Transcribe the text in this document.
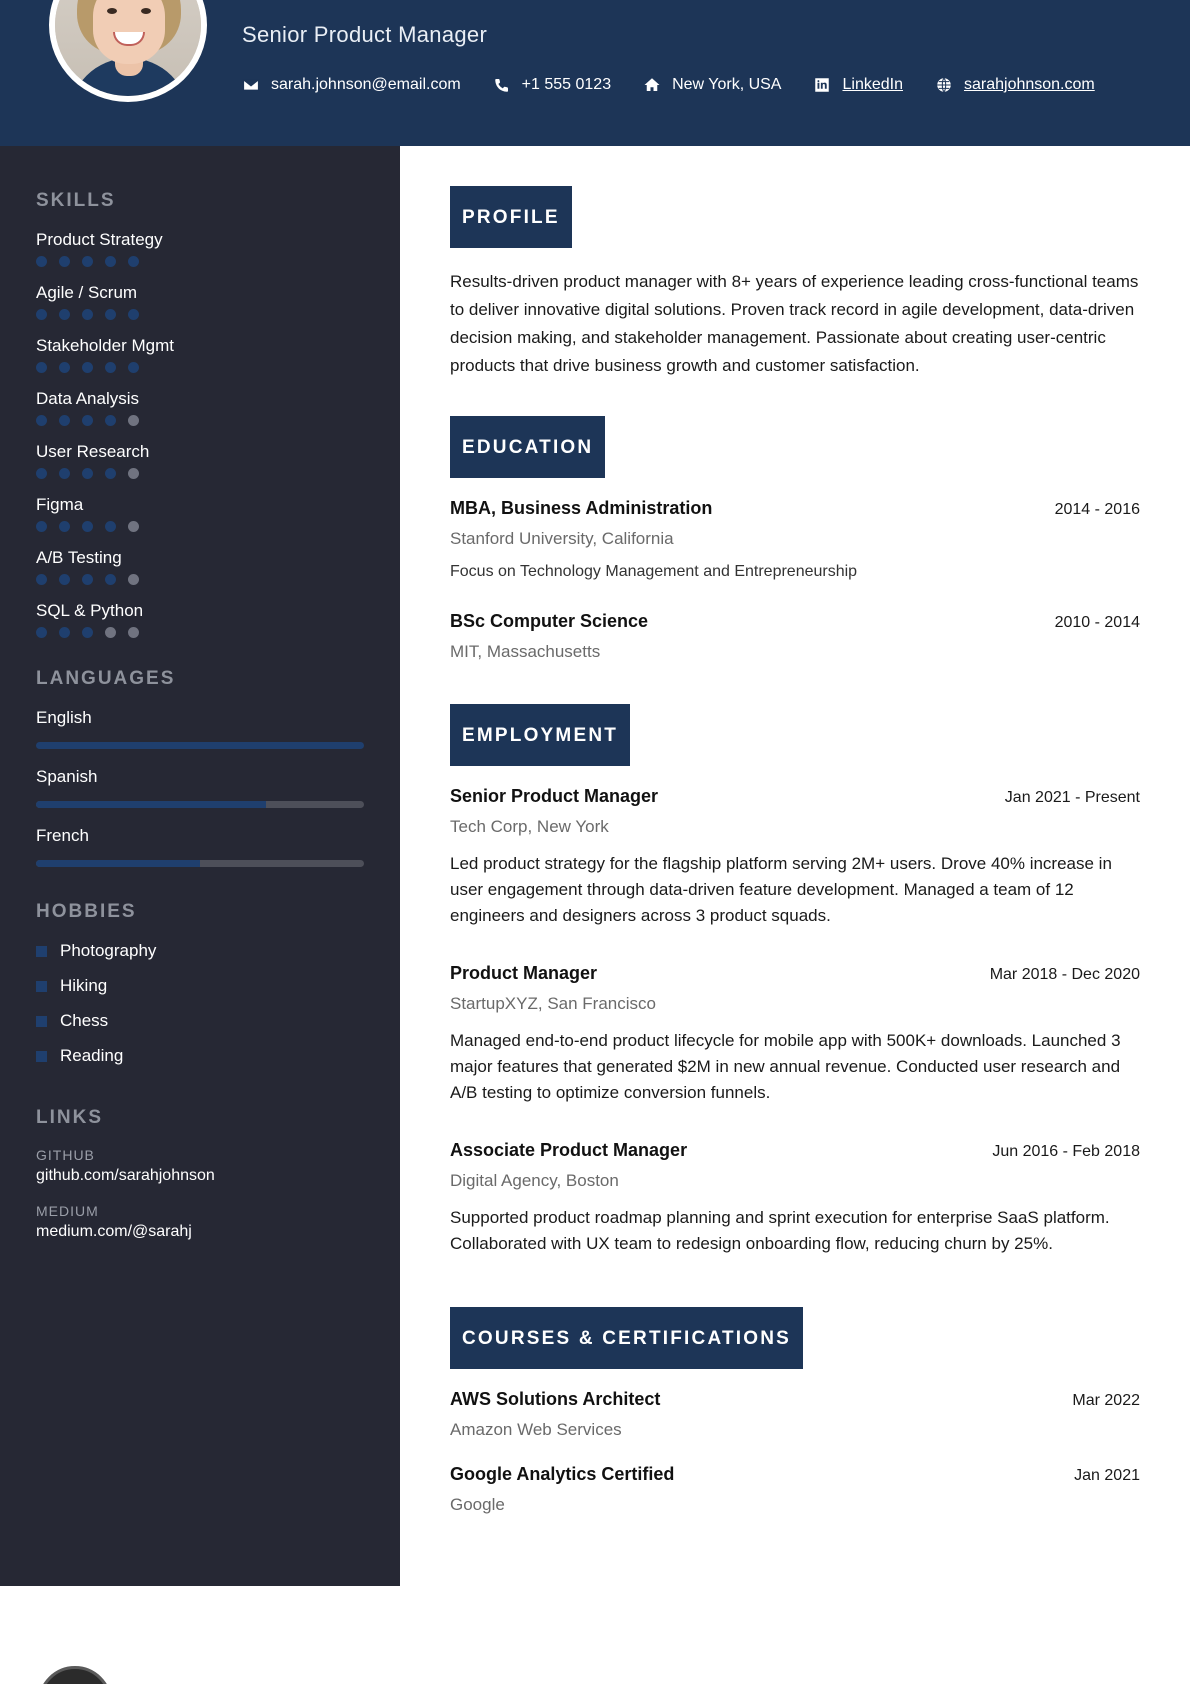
Senior Product Manager
sarah.johnson@email.com	+1 555 0123	New York, USA	LinkedIn	sarahjohnson.com
SKILLS
Product Strategy
Agile / Scrum
Stakeholder Mgmt
Data Analysis
User Research
Figma
A/B Testing
SQL & Python
LANGUAGES
English
Spanish
French
HOBBIES
Photography
Hiking
Chess
Reading
LINKS
GITHUB
github.com/sarahjohnson
MEDIUM
medium.com/@sarahj
PROFILE
Results-driven product manager with 8+ years of experience leading cross-functional teams to deliver innovative digital solutions. Proven track record in agile development, data-driven decision making, and stakeholder management. Passionate about creating user-centric products that drive business growth and customer satisfaction.
EDUCATION
MBA, Business Administration	2014 - 2016
Stanford University, California
Focus on Technology Management and Entrepreneurship
BSc Computer Science	2010 - 2014
MIT, Massachusetts
EMPLOYMENT
Senior Product Manager	Jan 2021 - Present
Tech Corp, New York
Led product strategy for the flagship platform serving 2M+ users. Drove 40% increase in user engagement through data-driven feature development. Managed a team of 12 engineers and designers across 3 product squads.
Product Manager	Mar 2018 - Dec 2020
StartupXYZ, San Francisco
Managed end-to-end product lifecycle for mobile app with 500K+ downloads. Launched 3 major features that generated $2M in new annual revenue. Conducted user research and A/B testing to optimize conversion funnels.
Associate Product Manager	Jun 2016 - Feb 2018
Digital Agency, Boston
Supported product roadmap planning and sprint execution for enterprise SaaS platform. Collaborated with UX team to redesign onboarding flow, reducing churn by 25%.
COURSES & CERTIFICATIONS
AWS Solutions Architect	Mar 2022
Amazon Web Services
Google Analytics Certified	Jan 2021
Google
